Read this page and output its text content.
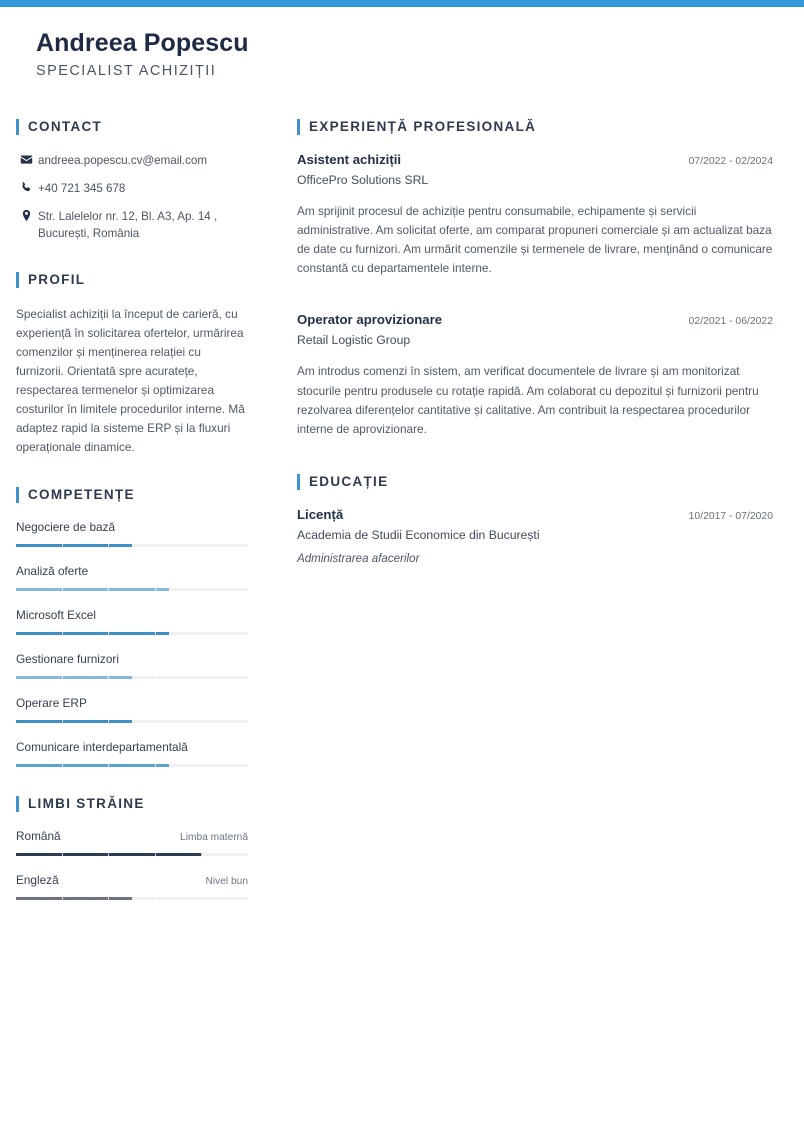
Andreea Popescu
SPECIALIST ACHIZIȚII
CONTACT
andreea.popescu.cv@email.com
+40 721 345 678
Str. Lalelelor nr. 12, Bl. A3, Ap. 14 , București, România
PROFIL
Specialist achiziții la început de carieră, cu experiență în solicitarea ofertelor, urmărirea comenzilor și menținerea relației cu furnizorii. Orientată spre acuratețe, respectarea termenelor și optimizarea costurilor în limitele procedurilor interne. Mă adaptez rapid la sisteme ERP și la fluxuri operaționale dinamice.
COMPETENȚE
Negociere de bază
Analiză oferte
Microsoft Excel
Gestionare furnizori
Operare ERP
Comunicare interdepartamentală
LIMBI STRĂINE
Română	Limba maternă
Engleză	Nivel bun
EXPERIENȚĂ PROFESIONALĂ
Asistent achiziții	07/2022 - 02/2024
OfficePro Solutions SRL
Am sprijinit procesul de achiziție pentru consumabile, echipamente și servicii administrative. Am solicitat oferte, am comparat propuneri comerciale și am actualizat baza de date cu furnizori. Am urmărit comenzile și termenele de livrare, menținând o comunicare constantă cu departamentele interne.
Operator aprovizionare	02/2021 - 06/2022
Retail Logistic Group
Am introdus comenzi în sistem, am verificat documentele de livrare și am monitorizat stocurile pentru produsele cu rotație rapidă. Am colaborat cu depozitul și furnizorii pentru rezolvarea diferențelor cantitative și calitative. Am contribuit la respectarea procedurilor interne de aprovizionare.
EDUCAȚIE
Licență	10/2017 - 07/2020
Academia de Studii Economice din București
Administrarea afacerilor
